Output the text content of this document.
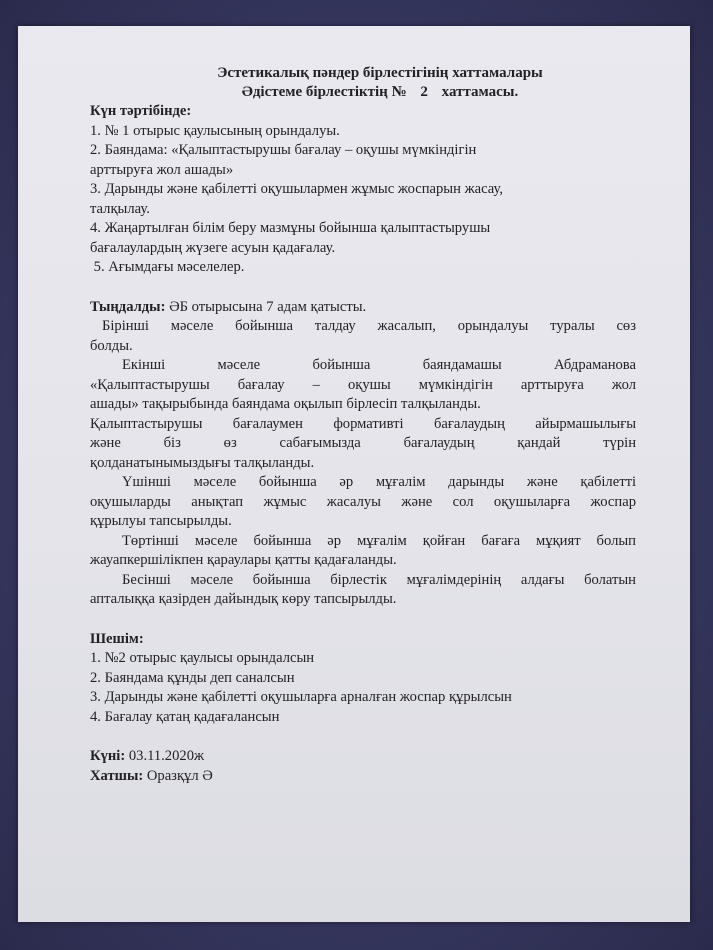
Эстетикалық пәндер бірлестігінің хаттамалары
Әдістеме бірлестіктің № 2 хаттамасы.

Күн тәртібінде:

1. № 1 отырыс қаулысының орындалуы.

2. Баяндама: «Қалыптастырушы бағалау – оқушы мүмкіндігін

арттыруға жол ашады»

3. Дарынды және қабілетті оқушылармен жұмыс жоспарын жасау,

талқылау.

4. Жаңартылған білім беру мазмұны бойынша қалыптастырушы

бағалаулардың жүзеге асуын қадағалау.

5. Ағымдағы мәселелер.

Тыңдалды: ӘБ отырысына 7 адам қатысты.

Бірінші мәселе бойынша талдау жасалып, орындалуы туралы сөз

болды.

Екінші мәселе бойынша баяндамашы Абдраманова

«Қалыптастырушы бағалау – оқушы мүмкіндігін арттыруға жол

ашады» тақырыбында баяндама оқылып бірлесіп талқыланды.

Қалыптастырушы бағалаумен формативті бағалаудың айырмашылығы

және біз өз сабағымызда бағалаудың қандай түрін

қолданатынымыздығы талқыланды.

Үшінші мәселе бойынша әр мұғалім дарынды және қабілетті

оқушыларды анықтап жұмыс жасалуы және сол оқушыларға жоспар

құрылуы тапсырылды.

Төртінші мәселе бойынша әр мұғалім қойған бағаға мұқият болып

жауапкершілікпен қараулары қатты қадағаланды.

Бесінші мәселе бойынша бірлестік мұғалімдерінің алдағы болатын

апталыққа қазірден дайындық көру тапсырылды.

Шешім:

1. №2 отырыс қаулысы орындалсын

2. Баяндама құнды деп саналсын

3. Дарынды және қабілетті оқушыларға арналған жоспар құрылсын

4. Бағалау қатаң қадағалансын

Күні: 03.11.2020ж

Хатшы: Оразқұл Ә
